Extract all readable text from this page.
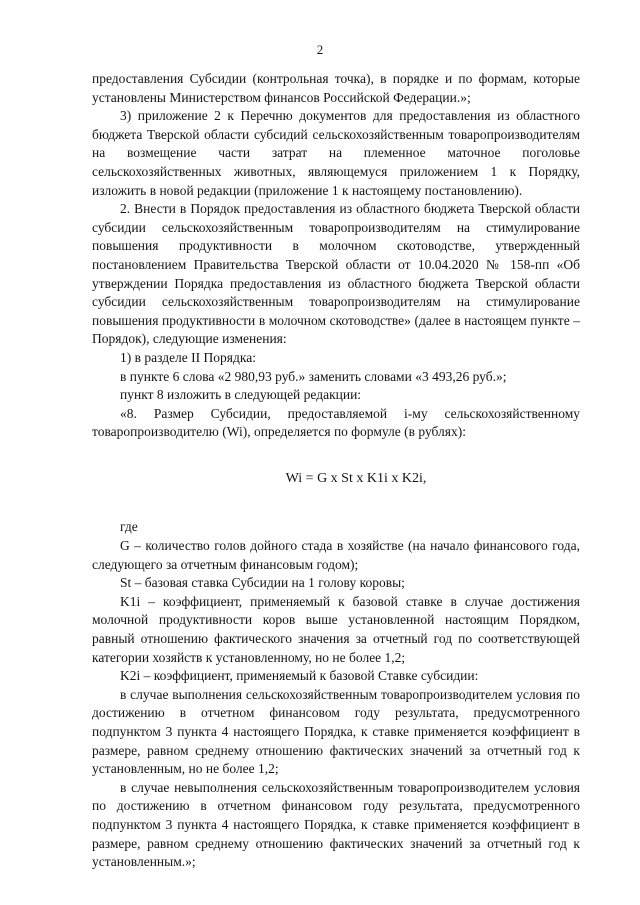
2

предоставления Субсидии (контрольная точка), в порядке и по формам, которые установлены Министерством финансов Российской Федерации.»;

3) приложение 2 к Перечню документов для предоставления из областного бюджета Тверской области субсидий сельскохозяйственным товаропроизводителям на возмещение части затрат на племенное маточное поголовье сельскохозяйственных животных, являющемуся приложением 1 к Порядку, изложить в новой редакции (приложение 1 к настоящему постановлению).

2. Внести в Порядок предоставления из областного бюджета Тверской области субсидии сельскохозяйственным товаропроизводителям на стимулирование повышения продуктивности в молочном скотоводстве, утвержденный постановлением Правительства Тверской области от 10.04.2020 № 158-пп «Об утверждении Порядка предоставления из областного бюджета Тверской области субсидии сельскохозяйственным товаропроизводителям на стимулирование повышения продуктивности в молочном скотоводстве» (далее в настоящем пункте – Порядок), следующие изменения:

1) в разделе II Порядка:

в пункте 6 слова «2 980,93 руб.» заменить словами «3 493,26 руб.»;

пункт 8 изложить в следующей редакции:

«8. Размер Субсидии, предоставляемой i-му сельскохозяйственному товаропроизводителю (Wi), определяется по формуле (в рублях):

Wi = G x St x K1i x K2i,

где

G – количество голов дойного стада в хозяйстве (на начало финансового года, следующего за отчетным финансовым годом);

St – базовая ставка Субсидии на 1 голову коровы;

K1i – коэффициент, применяемый к базовой ставке в случае достижения молочной продуктивности коров выше установленной настоящим Порядком, равный отношению фактического значения за отчетный год по соответствующей категории хозяйств к установленному, но не более 1,2;

K2i – коэффициент, применяемый к базовой Ставке субсидии:

в случае выполнения сельскохозяйственным товаропроизводителем условия по достижению в отчетном финансовом году результата, предусмотренного подпунктом 3 пункта 4 настоящего Порядка, к ставке применяется коэффициент в размере, равном среднему отношению фактических значений за отчетный год к установленным, но не более 1,2;

в случае невыполнения сельскохозяйственным товаропроизводителем условия по достижению в отчетном финансовом году результата, предусмотренного подпунктом 3 пункта 4 настоящего Порядка, к ставке применяется коэффициент в размере, равном среднему отношению фактических значений за отчетный год к установленным.»;
